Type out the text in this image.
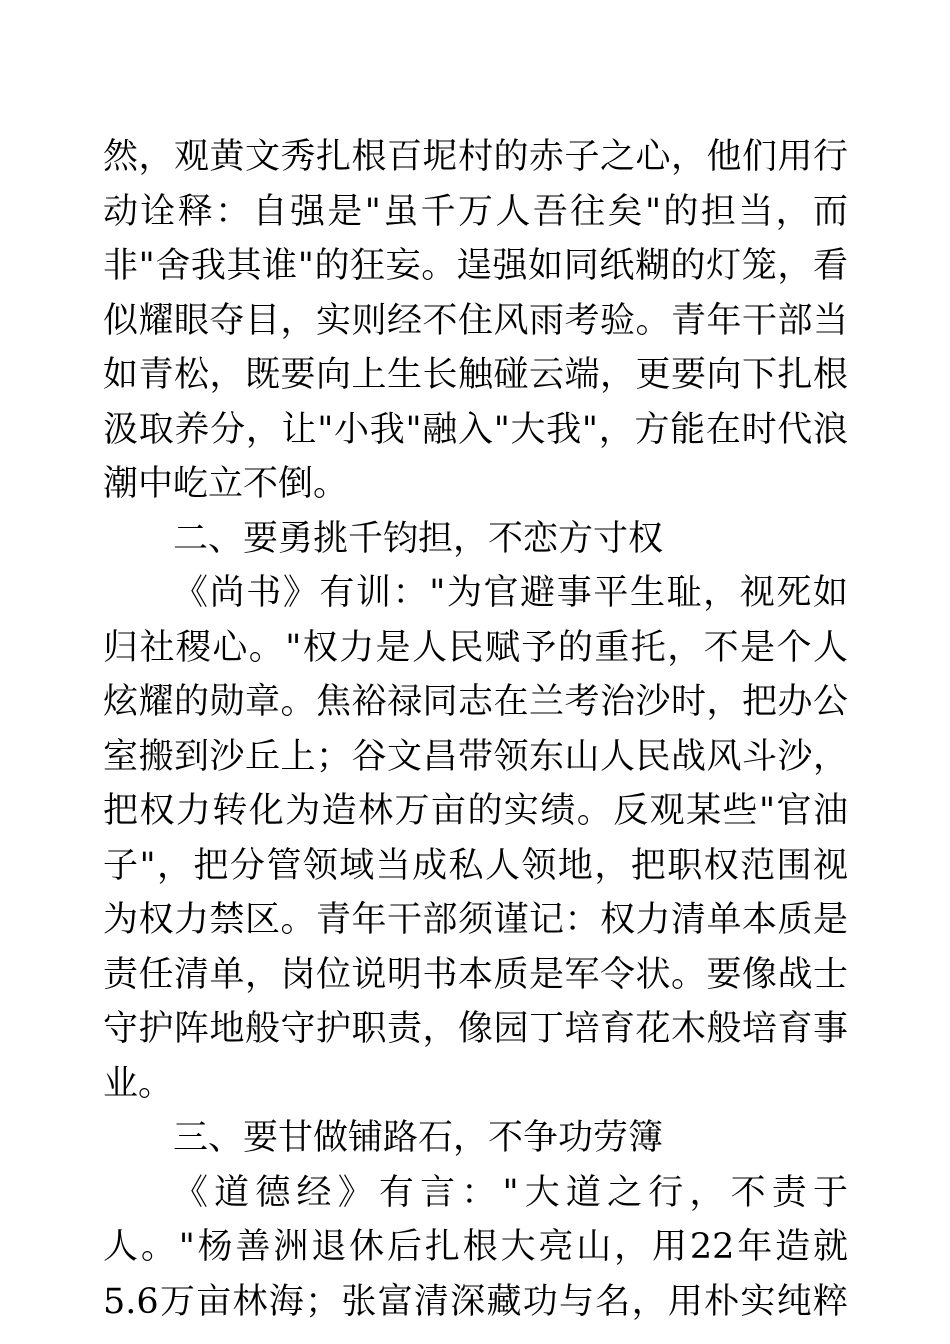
然，观黄文秀扎根百坭村的赤子之心，他们用行
动诠释：自强是"虽千万人吾往矣"的担当，而
非"舍我其谁"的狂妄。逞强如同纸糊的灯笼，看
似耀眼夺目，实则经不住风雨考验。青年干部当
如青松，既要向上生长触碰云端，更要向下扎根
汲取养分，让"小我"融入"大我"，方能在时代浪
潮中屹立不倒。
二、要勇挑千钧担，不恋方寸权
《尚书》有训："为官避事平生耻，视死如
归社稷心。"权力是人民赋予的重托，不是个人
炫耀的勋章。焦裕禄同志在兰考治沙时，把办公
室搬到沙丘上；谷文昌带领东山人民战风斗沙，
把权力转化为造林万亩的实绩。反观某些"官油
子"，把分管领域当成私人领地，把职权范围视
为权力禁区。青年干部须谨记：权力清单本质是
责任清单，岗位说明书本质是军令状。要像战士
守护阵地般守护职责，像园丁培育花木般培育事
业。
三、要甘做铺路石，不争功劳簿
《道德经》有言："大道之行，不责于
人。"杨善洲退休后扎根大亮山，用22年造就
5.6万亩林海；张富清深藏功与名，用朴实纯粹
